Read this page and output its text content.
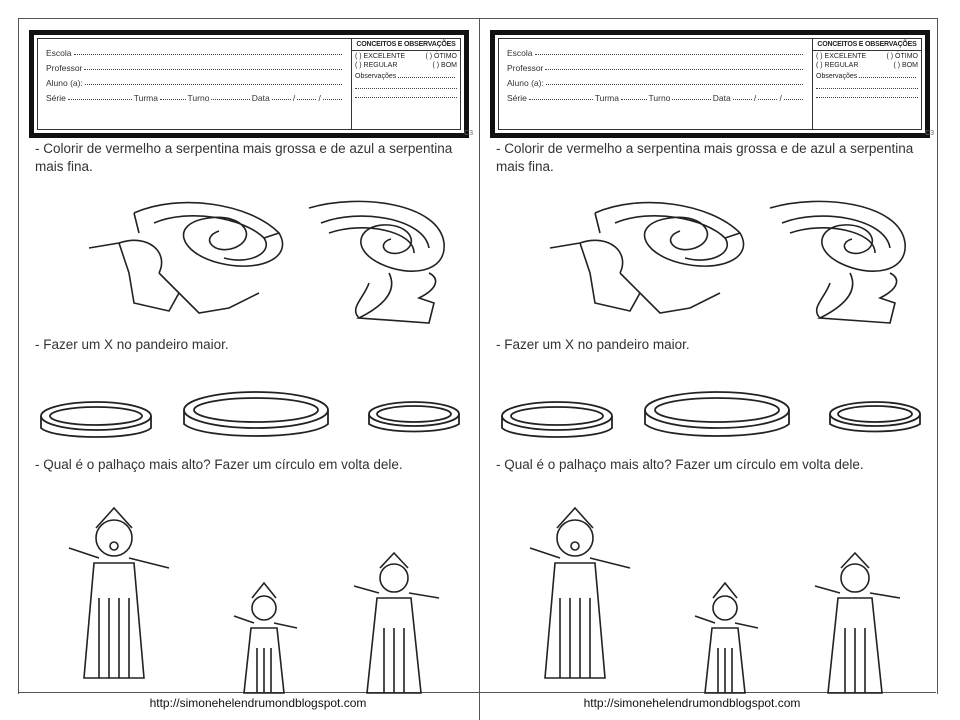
Escola
Professor
Aluno (a):
Série	Turma	Turno	Data	/	/
CONCEITOS E OBSERVAÇÕES
( ) EXCELENTE	( ) ÓTIMO
( ) REGULAR	( ) BOM
Observações
C3
- Colorir de vermelho a serpentina mais grossa e de azul a serpentina mais fina.
- Fazer um X no pandeiro maior.
- Qual é o palhaço mais alto? Fazer um círculo em volta dele.
Escola
Professor
Aluno (a):
Série	Turma	Turno	Data	/	/
CONCEITOS E OBSERVAÇÕES
( ) EXCELENTE	( ) ÓTIMO
( ) REGULAR	( ) BOM
Observações
C3
- Colorir de vermelho a serpentina mais grossa e de azul a serpentina mais fina.
- Fazer um X no pandeiro maior.
- Qual é o palhaço mais alto? Fazer um círculo em volta dele.
http://simonehelendrumondblogspot.com	http://simonehelendrumondblogspot.com
